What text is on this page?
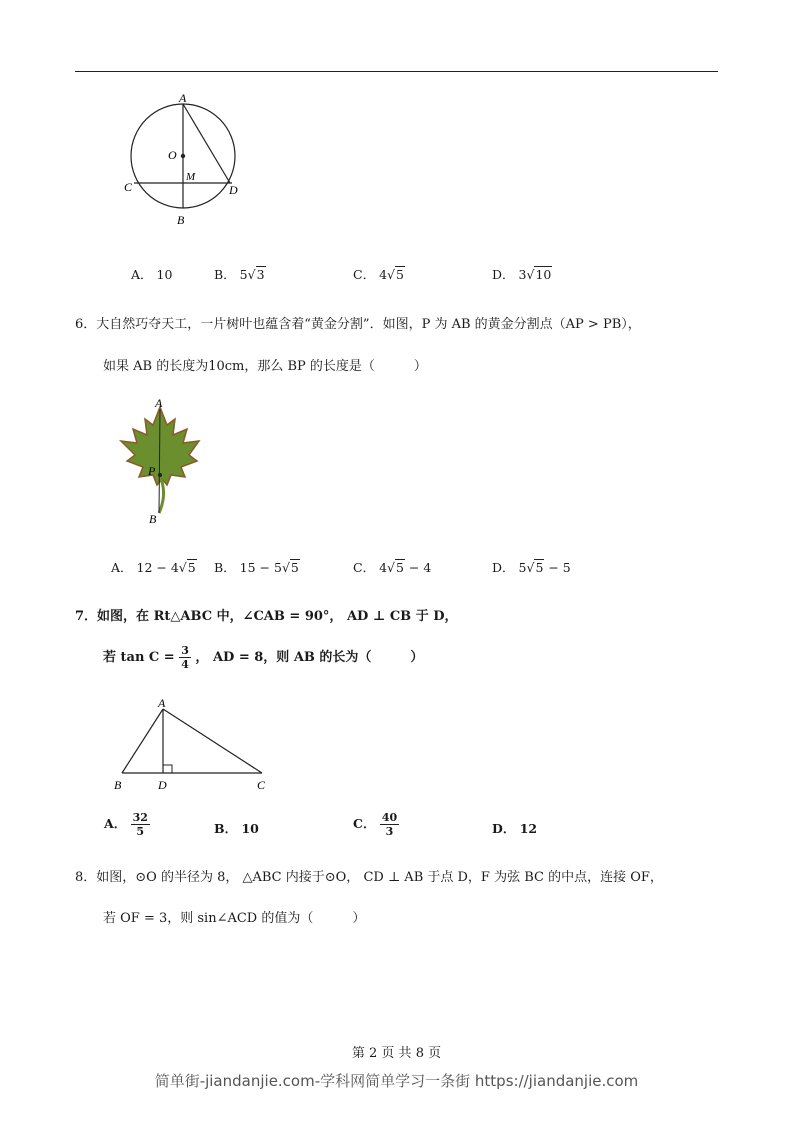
A
O
M
C	D
B
A． 10	B． 5√3	C． 4√5	D． 3√10
6．大自然巧夺天工，一片树叶也蕴含着“黄金分割”．如图，P 为 AB 的黄金分割点（AP > PB），
如果 AB 的长度为10cm，那么 BP 的长度是（　　　）
A
P
B
A． 12 − 4√5 B． 15 − 5√5	C． 4√5 − 4	D． 5√5 − 5
7．如图，在 Rt△ABC 中，∠CAB = 90°， AD ⊥ CB 于 D，
若 $\tan C = \frac{3}{4}$ ， AD = 8，则 AB 的长为（　　　）
A
B	D	C
A． $\frac{32}{5}$	B． 10	C． $\frac{40}{3}$	D． 12
8．如图，⊙O 的半径为 8， △ABC 内接于⊙O， CD ⊥ AB 于点 D，F 为弦 BC 的中点，连接 OF，
若 OF = 3，则 sin∠ACD 的值为（　　　）
第 2 页 共 8 页
简单街-jiandanjie.com-学科网简单学习一条街 https://jiandanjie.com
